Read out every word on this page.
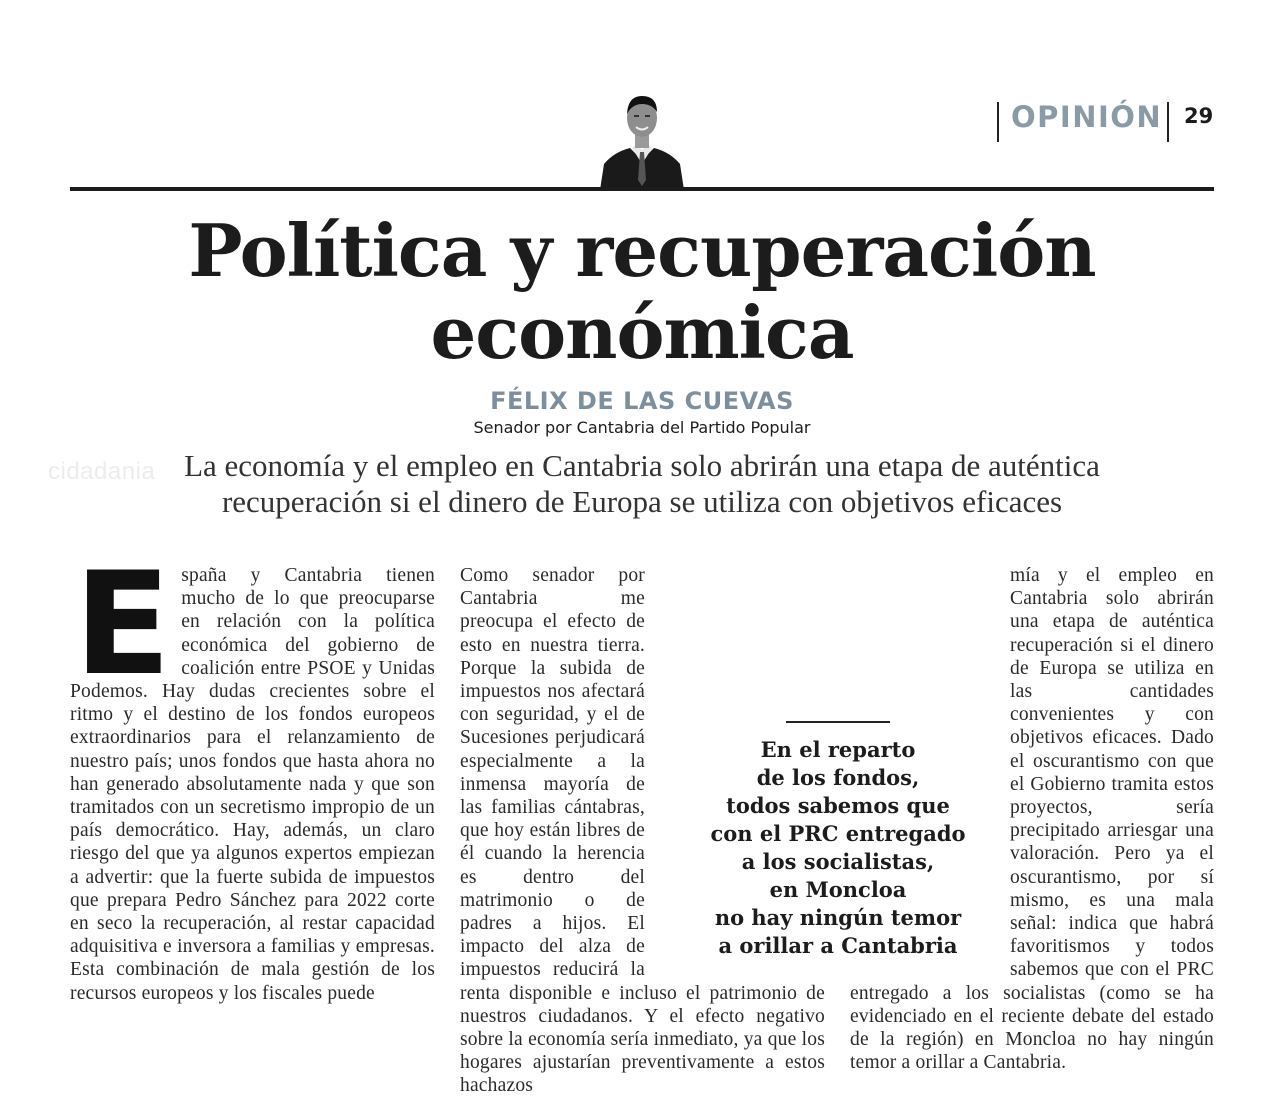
cidadania
OPINIÓN 29
Política y recuperación
económica
FÉLIX DE LAS CUEVAS
Senador por Cantabria del Partido Popular
La economía y el empleo en Cantabria solo abrirán una etapa de auténtica
recuperación si el dinero de Europa se utiliza con objetivos eficaces
E spaña y Cantabria tienen mucho de lo que preocuparse en relación con la política económica del gobierno de coalición entre PSOE y Unidas Podemos. Hay dudas crecientes sobre el ritmo y el destino de los fondos europeos extraordinarios para el relanzamiento de nuestro país; unos fondos que hasta ahora no han generado absolutamente nada y que son tramitados con un secretismo impropio de un país democrático. Hay, además, un claro riesgo del que ya algunos expertos empiezan a advertir: que la fuerte subida de impuestos que prepara Pedro Sánchez para 2022 corte en seco la recuperación, al restar capacidad adquisitiva e inversora a familias y empresas. Esta combinación de mala gestión de los recursos europeos y los fiscales puede
Como senador por Cantabria me preocupa el efecto de esto en nuestra tierra. Porque la subida de impuestos nos afectará con seguridad, y el de Sucesiones perjudicará especialmente a la inmensa mayoría de las familias cántabras, que hoy están libres de él cuando la herencia es dentro del matrimonio o de padres a hijos. El impacto del alza de impuestos reducirá la renta disponible e incluso el patrimonio de nuestros ciudadanos. Y el efecto negativo sobre la economía sería inmediato, ya que los hogares ajustarían preventivamente a estos hachazos
mía y el empleo en Cantabria solo abrirán una etapa de auténtica recuperación si el dinero de Europa se utiliza en las cantidades convenientes y con objetivos eficaces. Dado el oscurantismo con que el Gobierno tramita estos proyectos, sería precipitado arriesgar una valoración. Pero ya el oscurantismo, por sí mismo, es una mala señal: indica que habrá favoritismos y todos sabemos que con el PRC entregado a los socialistas (como se ha evidenciado en el reciente debate del estado de la región) en Moncloa no hay ningún temor a orillar a Cantabria.
En el reparto
de los fondos,
todos sabemos que
con el PRC entregado
a los socialistas,
en Moncloa
no hay ningún temor
a orillar a Cantabria
